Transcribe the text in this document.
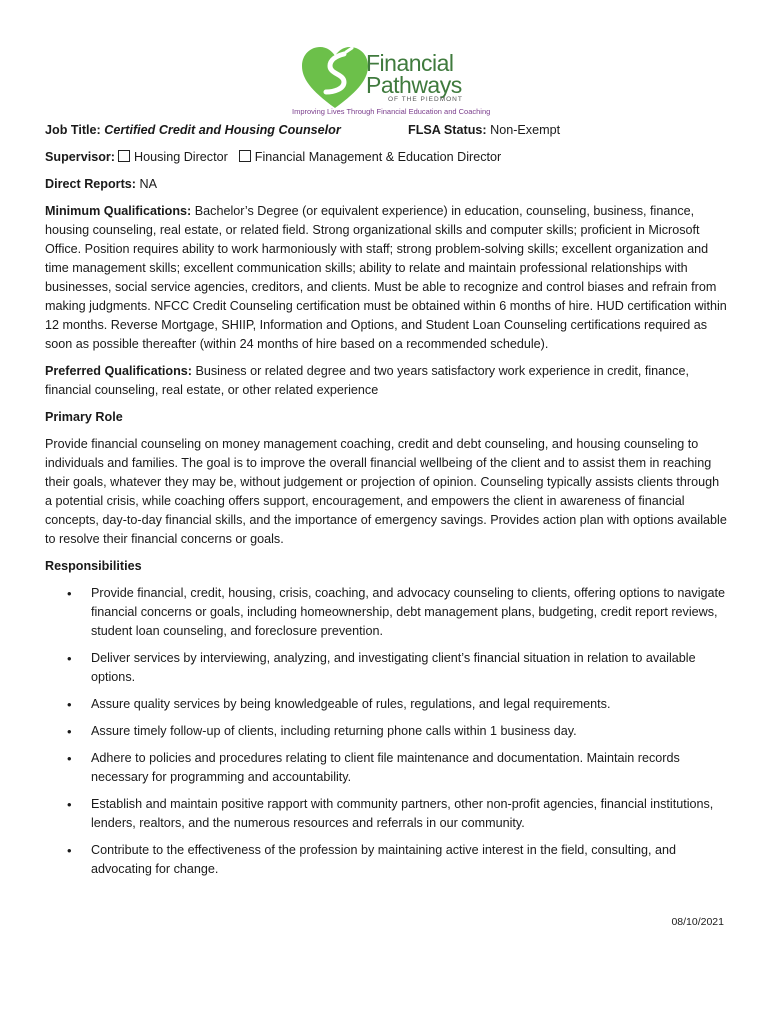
Financial
Pathways
OF THE PIEDMONT
Improving Lives Through Financial Education and Coaching
Job Title: Certified Credit and Housing Counselor	FLSA Status: Non-Exempt
Supervisor: Housing Director Financial Management & Education Director
Direct Reports: NA

Minimum Qualifications: Bachelor’s Degree (or equivalent experience) in education, counseling, business, finance, housing counseling, real estate, or related field. Strong organizational skills and computer skills; proficient in Microsoft Office. Position requires ability to work harmoniously with staff; strong problem-solving skills; excellent organization and time management skills; excellent communication skills; ability to relate and maintain professional relationships with businesses, social service agencies, creditors, and clients. Must be able to recognize and control biases and refrain from making judgments. NFCC Credit Counseling certification must be obtained within 6 months of hire. HUD certification within 12 months. Reverse Mortgage, SHIIP, Information and Options, and Student Loan Counseling certifications required as soon as possible thereafter (within 24 months of hire based on a recommended schedule).

Preferred Qualifications: Business or related degree and two years satisfactory work experience in credit, finance, financial counseling, real estate, or other related experience

Primary Role

Provide financial counseling on money management coaching, credit and debt counseling, and housing counseling to individuals and families. The goal is to improve the overall financial wellbeing of the client and to assist them in reaching their goals, whatever they may be, without judgement or projection of opinion. Counseling typically assists clients through a potential crisis, while coaching offers support, encouragement, and empowers the client in awareness of financial concepts, day-to-day financial skills, and the importance of emergency savings. Provides action plan with options available to resolve their financial concerns or goals.

Responsibilities
• Provide financial, credit, housing, crisis, coaching, and advocacy counseling to clients, offering options to navigate financial concerns or goals, including homeownership, debt management plans, budgeting, credit report reviews, student loan counseling, and foreclosure prevention.
• Deliver services by interviewing, analyzing, and investigating client’s financial situation in relation to available options.
• Assure quality services by being knowledgeable of rules, regulations, and legal requirements.
• Assure timely follow-up of clients, including returning phone calls within 1 business day.
• Adhere to policies and procedures relating to client file maintenance and documentation. Maintain records necessary for programming and accountability.
• Establish and maintain positive rapport with community partners, other non-profit agencies, financial institutions, lenders, realtors, and the numerous resources and referrals in our community.
• Contribute to the effectiveness of the profession by maintaining active interest in the field, consulting, and advocating for change.
08/10/2021
